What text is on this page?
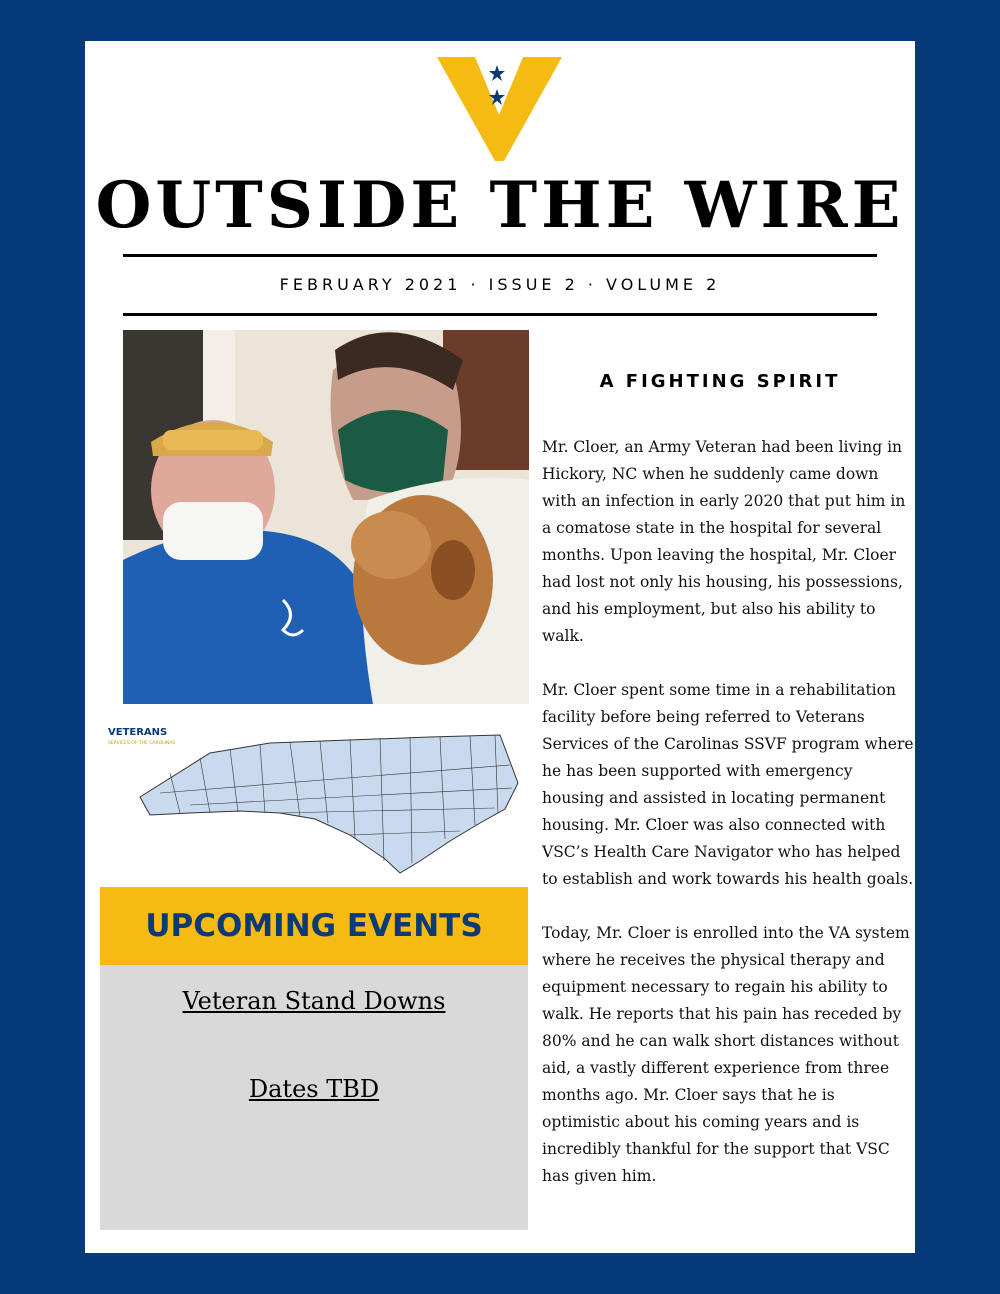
OUTSIDE THE WIRE
FEBRUARY 2021 · ISSUE 2 · VOLUME 2
VETERANS
SERVICES OF THE CAROLINAS
UPCOMING EVENTS
Veteran Stand Downs
Dates TBD
A FIGHTING SPIRIT

Mr. Cloer, an Army Veteran had been living in Hickory, NC when he suddenly came down with an infection in early 2020 that put him in a comatose state in the hospital for several months. Upon leaving the hospital, Mr. Cloer had lost not only his housing, his possessions, and his employment, but also his ability to walk.

Mr. Cloer spent some time in a rehabilitation facility before being referred to Veterans Services of the Carolinas SSVF program where he has been supported with emergency housing and assisted in locating permanent housing. Mr. Cloer was also connected with VSC’s Health Care Navigator who has helped to establish and work towards his health goals.

Today, Mr. Cloer is enrolled into the VA system where he receives the physical therapy and equipment necessary to regain his ability to walk. He reports that his pain has receded by 80% and he can walk short distances without aid, a vastly different experience from three months ago. Mr. Cloer says that he is optimistic about his coming years and is incredibly thankful for the support that VSC has given him.
